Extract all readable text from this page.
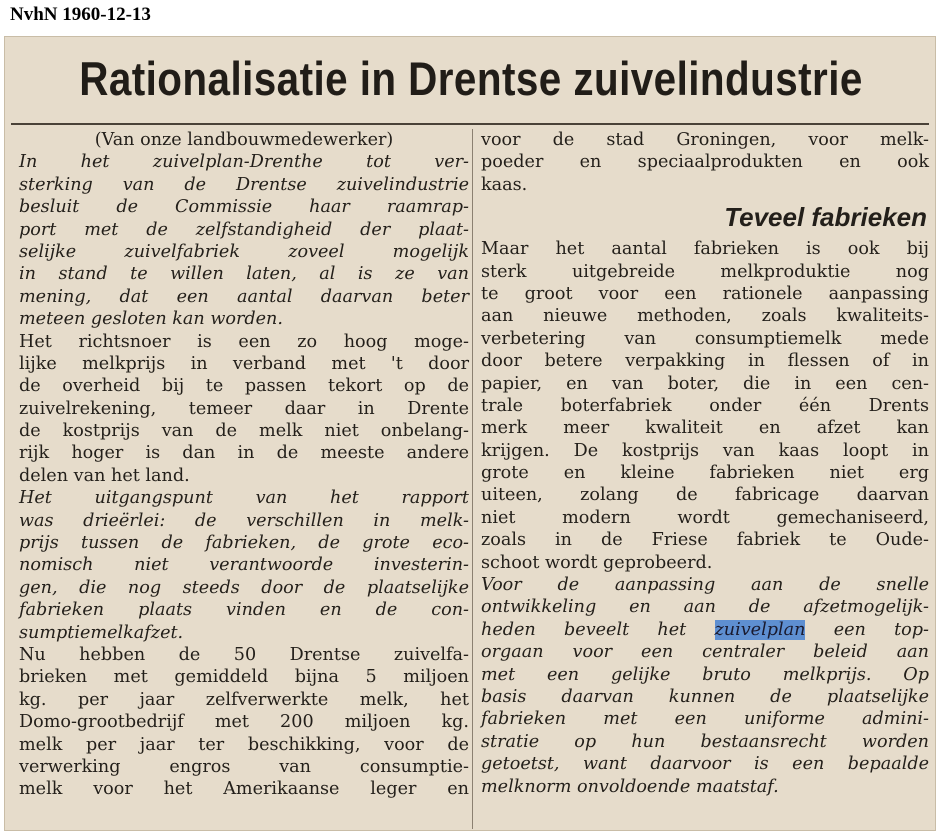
NvhN 1960-12-13
Rationalisatie in Drentse zuivelindustrie
(Van onze landbouwmedewerker)
In het zuivelplan-Drenthe tot ver-
sterking van de Drentse zuivelindustrie
besluit de Commissie haar raamrap-
port met de zelfstandigheid der plaat-
selijke zuivelfabriek zoveel mogelijk
in stand te willen laten, al is ze van
mening, dat een aantal daarvan beter
meteen gesloten kan worden.
Het richtsnoer is een zo hoog moge-
lijke melkprijs in verband met 't door
de overheid bij te passen tekort op de
zuivelrekening, temeer daar in Drente
de kostprijs van de melk niet onbelang-
rijk hoger is dan in de meeste andere
delen van het land.
Het uitgangspunt van het rapport
was drieërlei: de verschillen in melk-
prijs tussen de fabrieken, de grote eco-
nomisch niet verantwoorde investerin-
gen, die nog steeds door de plaatselijke
fabrieken plaats vinden en de con-
sumptiemelkafzet.
Nu hebben de 50 Drentse zuivelfa-
brieken met gemiddeld bijna 5 miljoen
kg. per jaar zelfverwerkte melk, het
Domo-grootbedrijf met 200 miljoen kg.
melk per jaar ter beschikking, voor de
verwerking engros van consumptie-
melk voor het Amerikaanse leger en
voor de stad Groningen, voor melk-
poeder en speciaalprodukten en ook
kaas.
Teveel fabrieken
Maar het aantal fabrieken is ook bij
sterk uitgebreide melkproduktie nog
te groot voor een rationele aanpassing
aan nieuwe methoden, zoals kwaliteits-
verbetering van consumptiemelk mede
door betere verpakking in flessen of in
papier, en van boter, die in een cen-
trale boterfabriek onder één Drents
merk meer kwaliteit en afzet kan
krijgen. De kostprijs van kaas loopt in
grote en kleine fabrieken niet erg
uiteen, zolang de fabricage daarvan
niet modern wordt gemechaniseerd,
zoals in de Friese fabriek te Oude-
schoot wordt geprobeerd.
Voor de aanpassing aan de snelle
ontwikkeling en aan de afzetmogelijk-
heden beveelt het zuivelplan een top-
orgaan voor een centraler beleid aan
met een gelijke bruto melkprijs. Op
basis daarvan kunnen de plaatselijke
fabrieken met een uniforme admini-
stratie op hun bestaansrecht worden
getoetst, want daarvoor is een bepaalde
melknorm onvoldoende maatstaf.
